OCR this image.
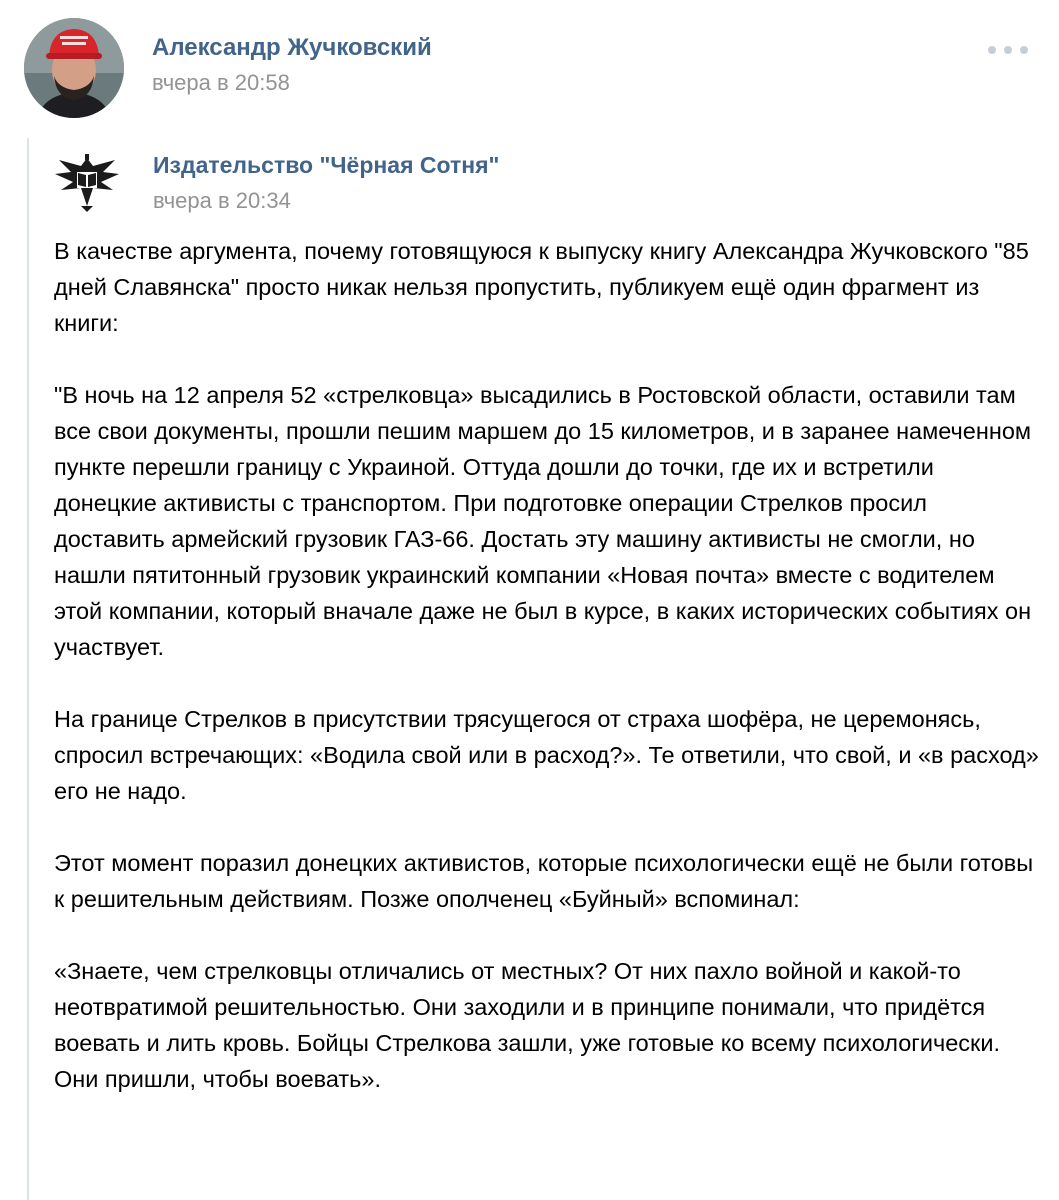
Александр Жучковский
вчера в 20:58
Издательство "Чёрная Сотня"
вчера в 20:34

В качестве аргумента, почему готовящуюся к выпуску книгу Александра Жучковского "85 дней Славянска" просто никак нельзя пропустить, публикуем ещё один фрагмент из книги:

"В ночь на 12 апреля 52 «стрелковца» высадились в Ростовской области, оставили там все свои документы, прошли пешим маршем до 15 километров, и в заранее намеченном пункте перешли границу с Украиной. Оттуда дошли до точки, где их и встретили донецкие активисты с транспортом. При подготовке операции Стрелков просил доставить армейский грузовик ГАЗ-66. Достать эту машину активисты не смогли, но нашли пятитонный грузовик украинский компании «Новая почта» вместе с водителем этой компании, который вначале даже не был в курсе, в каких исторических событиях он участвует.

На границе Стрелков в присутствии трясущегося от страха шофёра, не церемонясь, спросил встречающих: «Водила свой или в расход?». Те ответили, что свой, и «в расход» его не надо.

Этот момент поразил донецких активистов, которые психологически ещё не были готовы к решительным действиям. Позже ополченец «Буйный» вспоминал:

«Знаете, чем стрелковцы отличались от местных? От них пахло войной и какой-то неотвратимой решительностью. Они заходили и в принципе понимали, что придётся воевать и лить кровь. Бойцы Стрелкова зашли, уже готовые ко всему психологически. Они пришли, чтобы воевать».
